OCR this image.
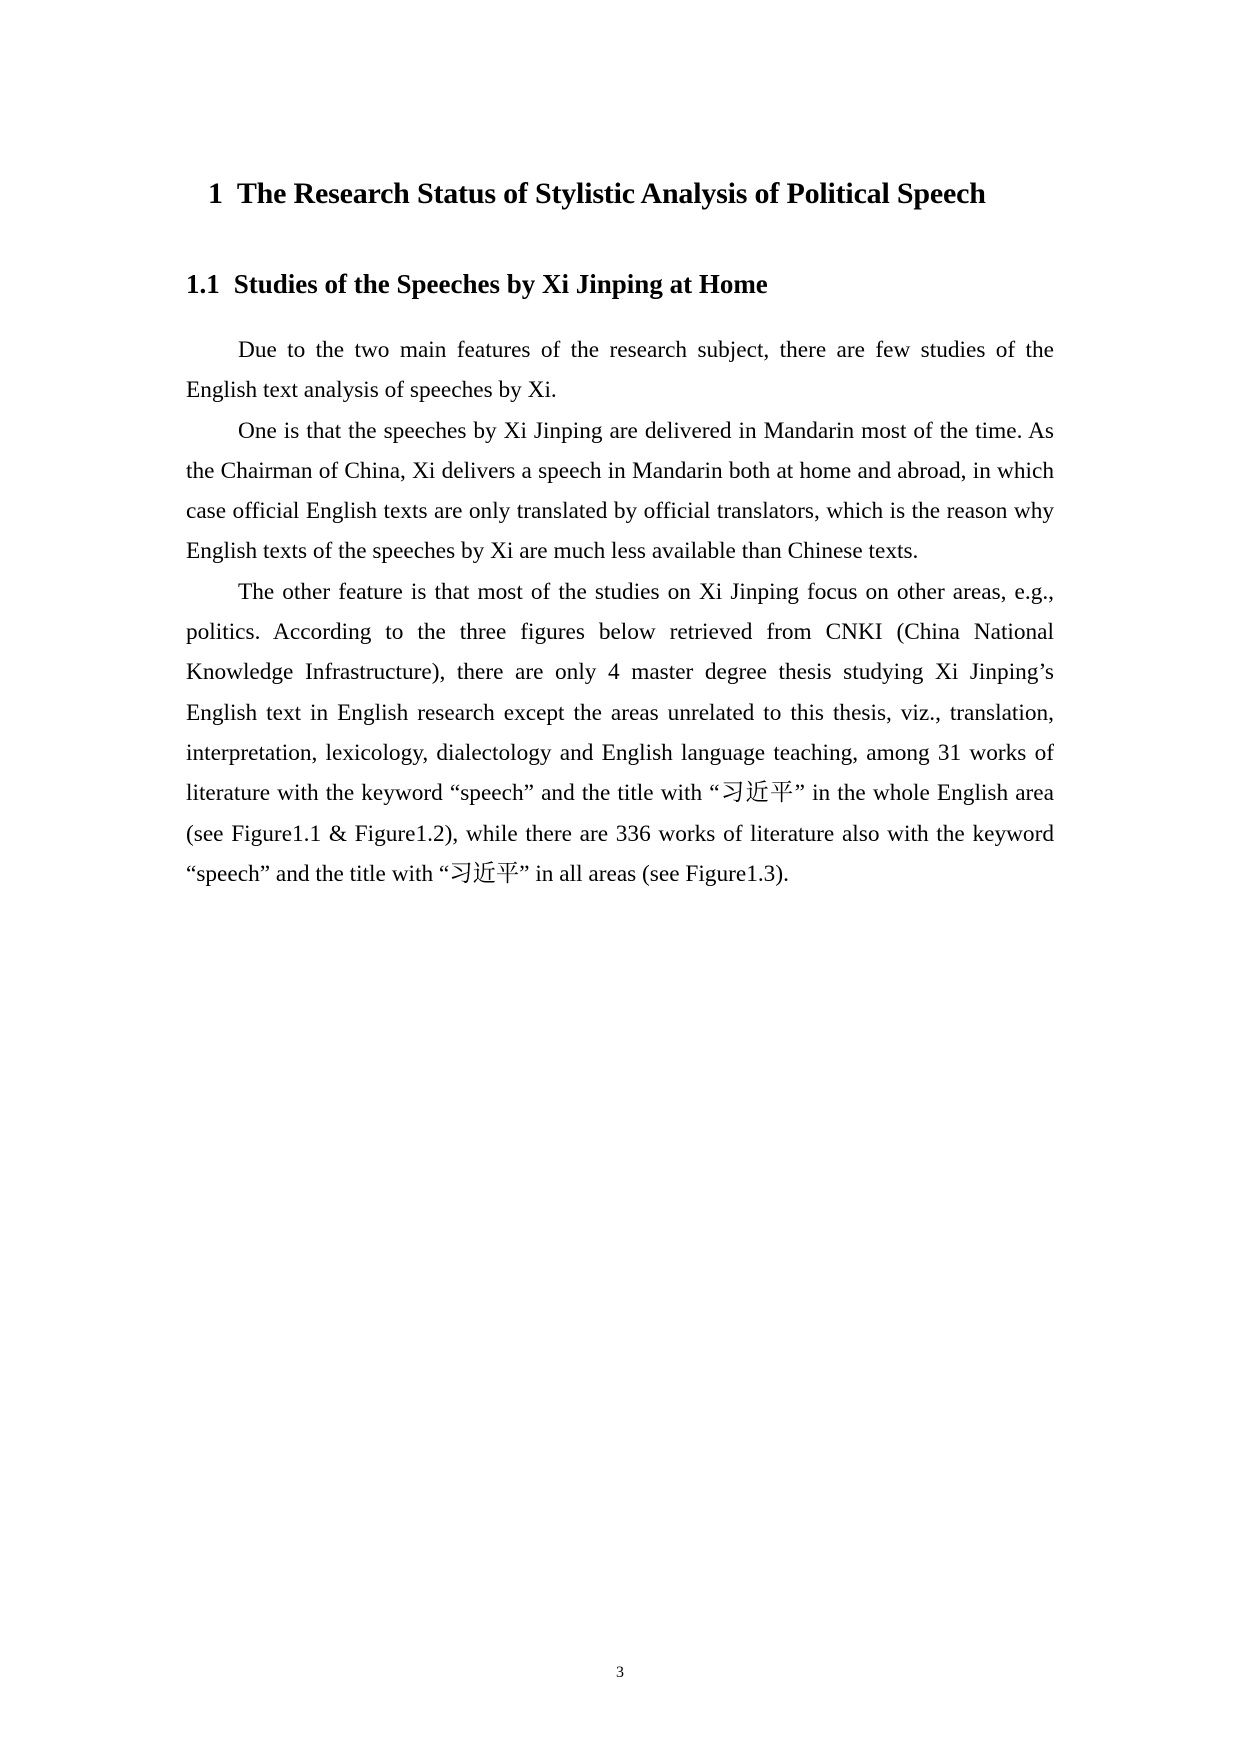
1 The Research Status of Stylistic Analysis of Political Speech
1.1 Studies of the Speeches by Xi Jinping at Home

Due to the two main features of the research subject, there are few studies of the English text analysis of speeches by Xi.

One is that the speeches by Xi Jinping are delivered in Mandarin most of the time. As the Chairman of China, Xi delivers a speech in Mandarin both at home and abroad, in which case official English texts are only translated by official translators, which is the reason why English texts of the speeches by Xi are much less available than Chinese texts.

The other feature is that most of the studies on Xi Jinping focus on other areas, e.g., politics. According to the three figures below retrieved from CNKI (China National Knowledge Infrastructure), there are only 4 master degree thesis studying Xi Jinping’s English text in English research except the areas unrelated to this thesis, viz., translation, interpretation, lexicology, dialectology and English language teaching, among 31 works of literature with the keyword “speech” and the title with “习近平” in the whole English area (see Figure1.1 & Figure1.2), while there are 336 works of literature also with the keyword “speech” and the title with “习近平” in all areas (see Figure1.3).

3
